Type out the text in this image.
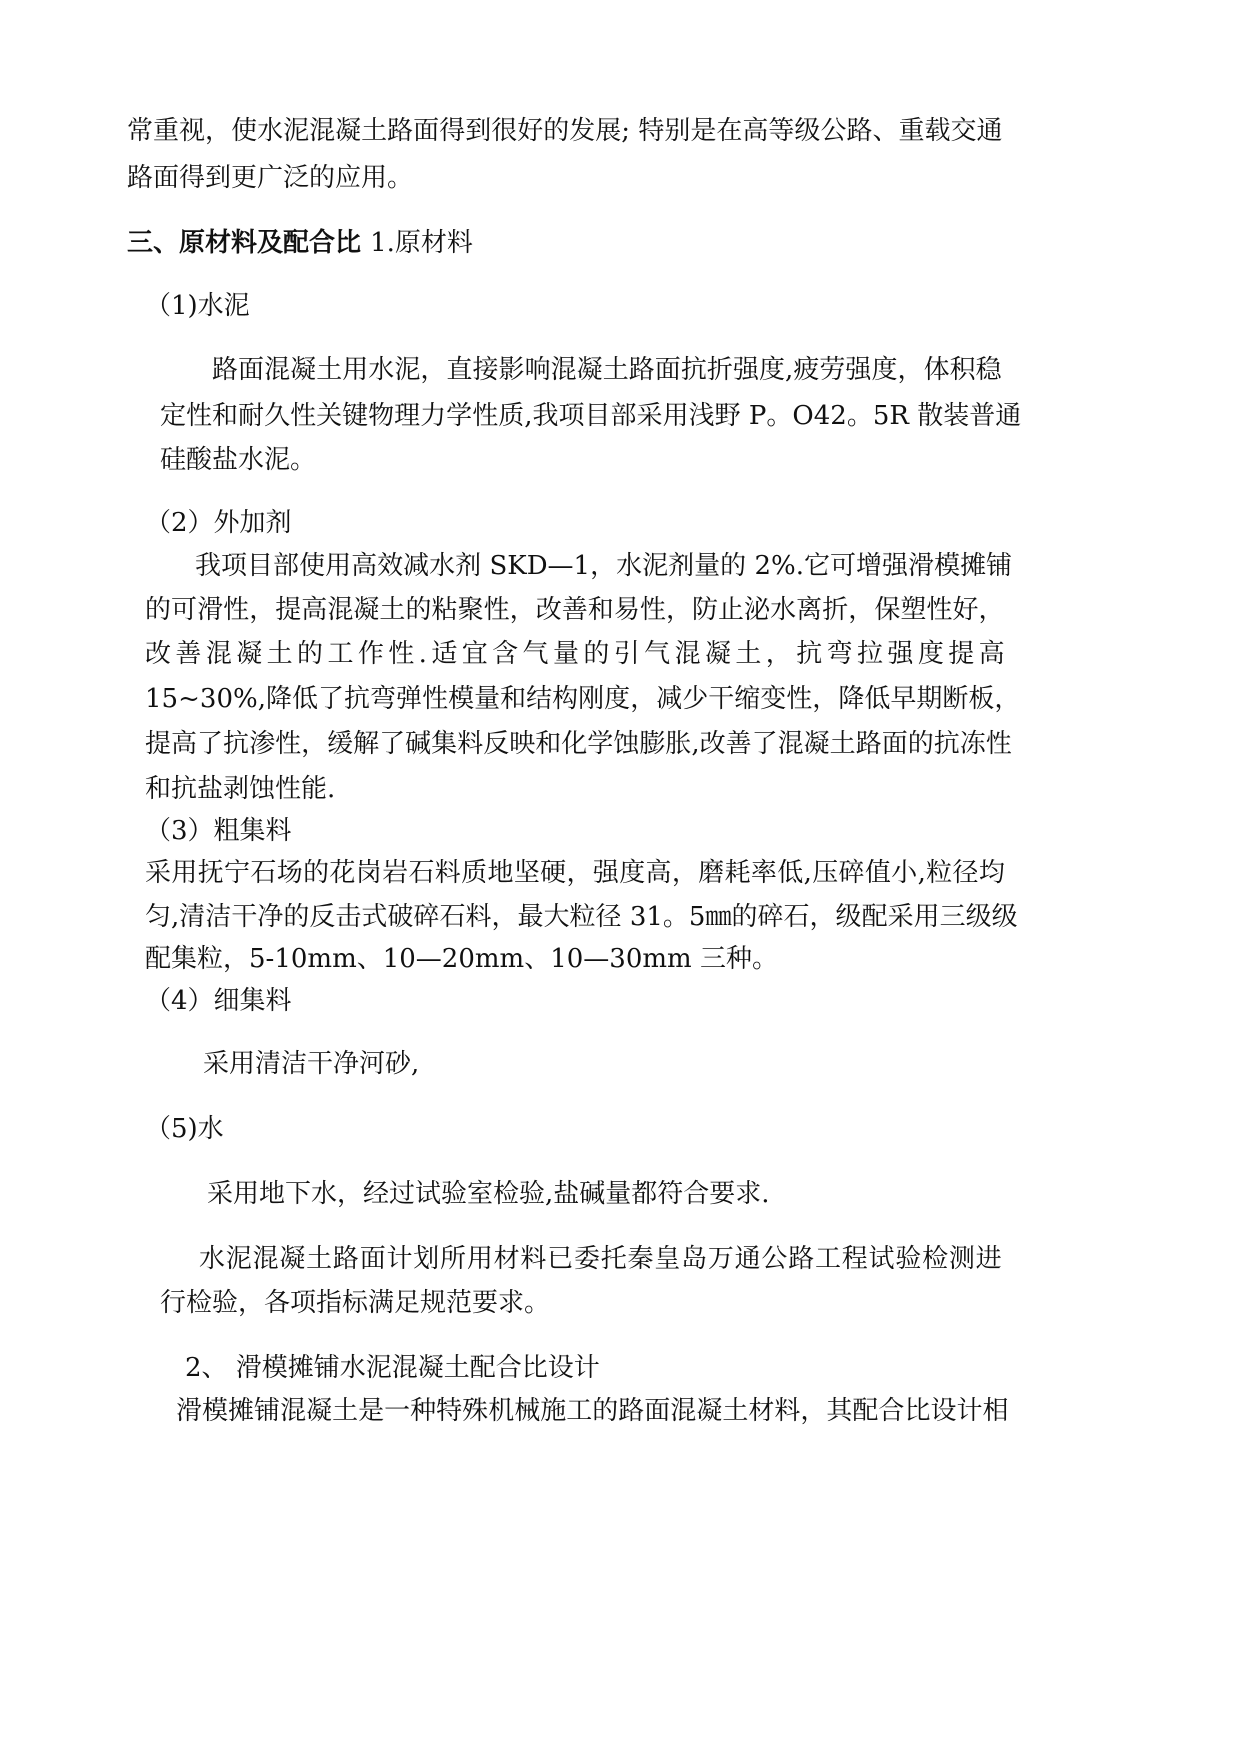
常 重 视 ， 使 水 泥 混 凝 土 路 面 得 到 很 好 的 发 展 ;
特 别 是 在 高 等 级 公 路 、 重 载 交 通
路面得到更广泛的应用。
三、原材料及配合比 1.原材料
（1)水泥
路 面 混 凝 土 用 水 泥 ， 直 接 影 响 混 凝 土 路 面 抗 折 强 度 , 疲 劳 强 度 ， 体 积 稳
定 性 和 耐 久 性 关 键 物 理 力 学 性 质 , 我 项 目 部 采 用 浅 野
P 。 O 4 2 。 5 R
散 装 普 通
硅酸盐水泥。
（2）外加剂
我 项 目 部 使 用 高 效 减 水 剂
S K D — 1 ， 水 泥 剂 量 的
2 % . 它 可 增 强 滑 模 摊 铺
的 可 滑 性 ， 提 高 混 凝 土 的 粘 聚 性 ， 改 善 和 易 性 ， 防 止 泌 水 离 折 ， 保 塑 性 好 ，
改 善 混 凝 土 的 工 作 性 . 适 宜 含 气 量 的 引 气 混 凝 土 ， 抗 弯 拉 强 度 提 高
1 5 ~ 3 0 % , 降 低 了 抗 弯 弹 性 模 量 和 结 构 刚 度 ， 减 少 干 缩 变 性 ， 降 低 早 期 断 板 ，
提 高 了 抗 渗 性 ， 缓 解 了 碱 集 料 反 映 和 化 学 蚀 膨 胀 , 改 善 了 混 凝 土 路 面 的 抗 冻 性
和抗盐剥蚀性能.
（3）粗集料
采 用 抚 宁 石 场 的 花 岗 岩 石 料 质 地 坚 硬 ， 强 度 高 ， 磨 耗 率 低 , 压 碎 值 小 , 粒 径 均
匀 , 清 洁 干 净 的 反 击 式 破 碎 石 料 ， 最 大 粒 径
3 1 。 5 ㎜ 的 碎 石 ， 级 配 采 用 三 级 级
配集粒，5-10mm、10—20mm、10—30mm 三种。
（4）细集料
采用清洁干净河砂,
（5)水
采用地下水，经过试验室检验,盐碱量都符合要求.
水 泥 混 凝 土 路 面 计 划 所 用 材 料 已 委 托 秦 皇 岛 万 通 公 路 工 程 试 验 检 测 进
行检验，各项指标满足规范要求。
2、 滑模摊铺水泥混凝土配合比设计
滑 模 摊 铺 混 凝 土 是 一 种 特 殊 机 械 施 工 的 路 面 混 凝 土 材 料 ， 其 配 合 比 设 计 相
